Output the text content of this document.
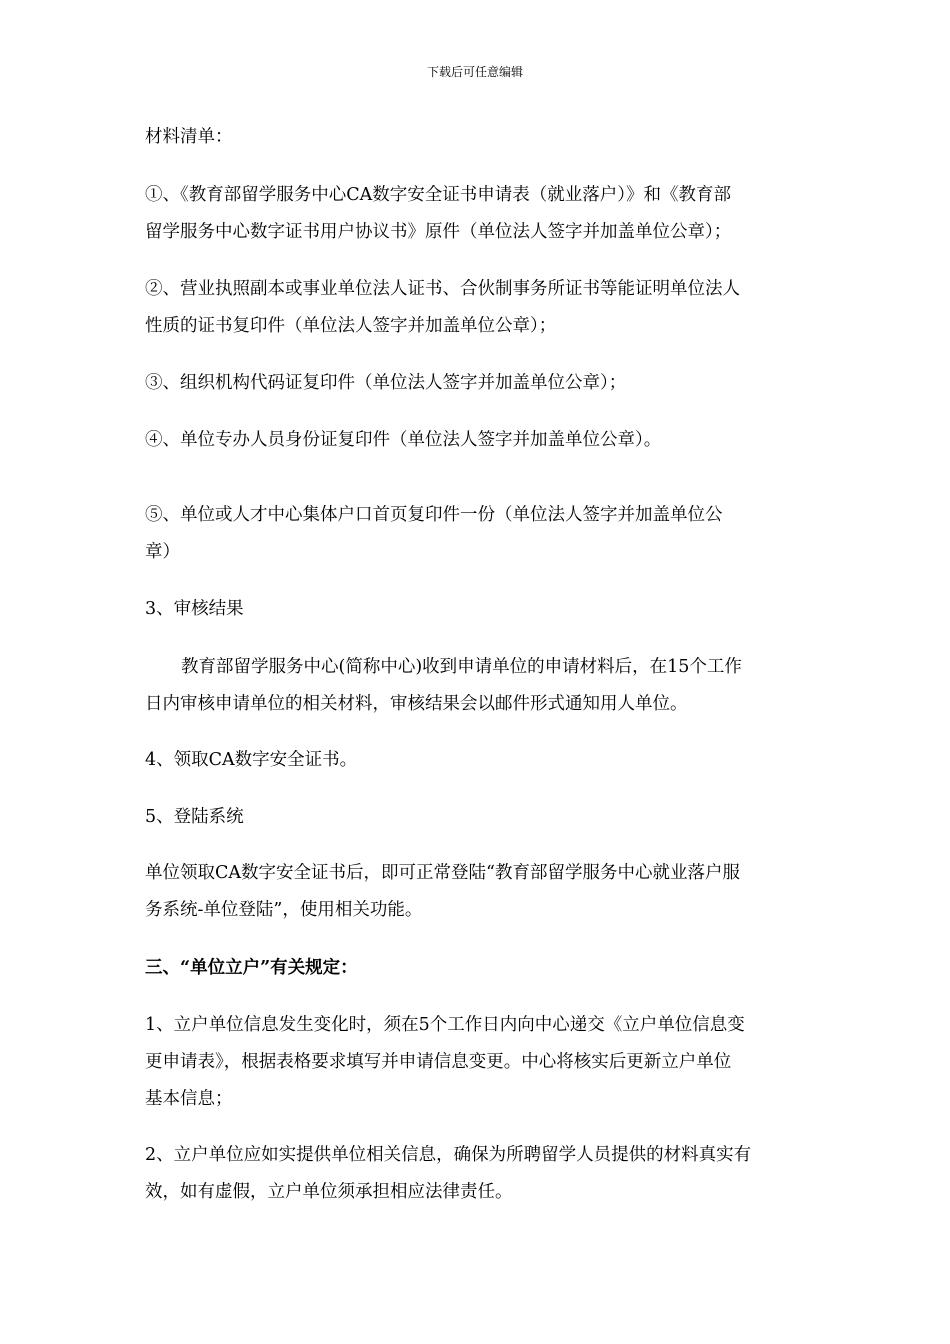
下载后可任意编辑

材料清单：

①、《教育部留学服务中心CA数字安全证书申请表（就业落户）》和《教育部
留学服务中心数字证书用户协议书》原件（单位法人签字并加盖单位公章）；

②、营业执照副本或事业单位法人证书、合伙制事务所证书等能证明单位法人
性质的证书复印件（单位法人签字并加盖单位公章）；

③、组织机构代码证复印件（单位法人签字并加盖单位公章）；

④、单位专办人员身份证复印件（单位法人签字并加盖单位公章）。

⑤、单位或人才中心集体户口首页复印件一份（单位法人签字并加盖单位公
章）

3、审核结果

教育部留学服务中心(简称中心)收到申请单位的申请材料后，在15个工作
日内审核申请单位的相关材料，审核结果会以邮件形式通知用人单位。

4、领取CA数字安全证书。

5、登陆系统

单位领取CA数字安全证书后，即可正常登陆“教育部留学服务中心就业落户服
务系统-单位登陆”，使用相关功能。

三、“单位立户”有关规定：

1、立户单位信息发生变化时，须在5个工作日内向中心递交《立户单位信息变
更申请表》，根据表格要求填写并申请信息变更。中心将核实后更新立户单位
基本信息；

2、立户单位应如实提供单位相关信息，确保为所聘留学人员提供的材料真实有
效，如有虚假，立户单位须承担相应法律责任。
